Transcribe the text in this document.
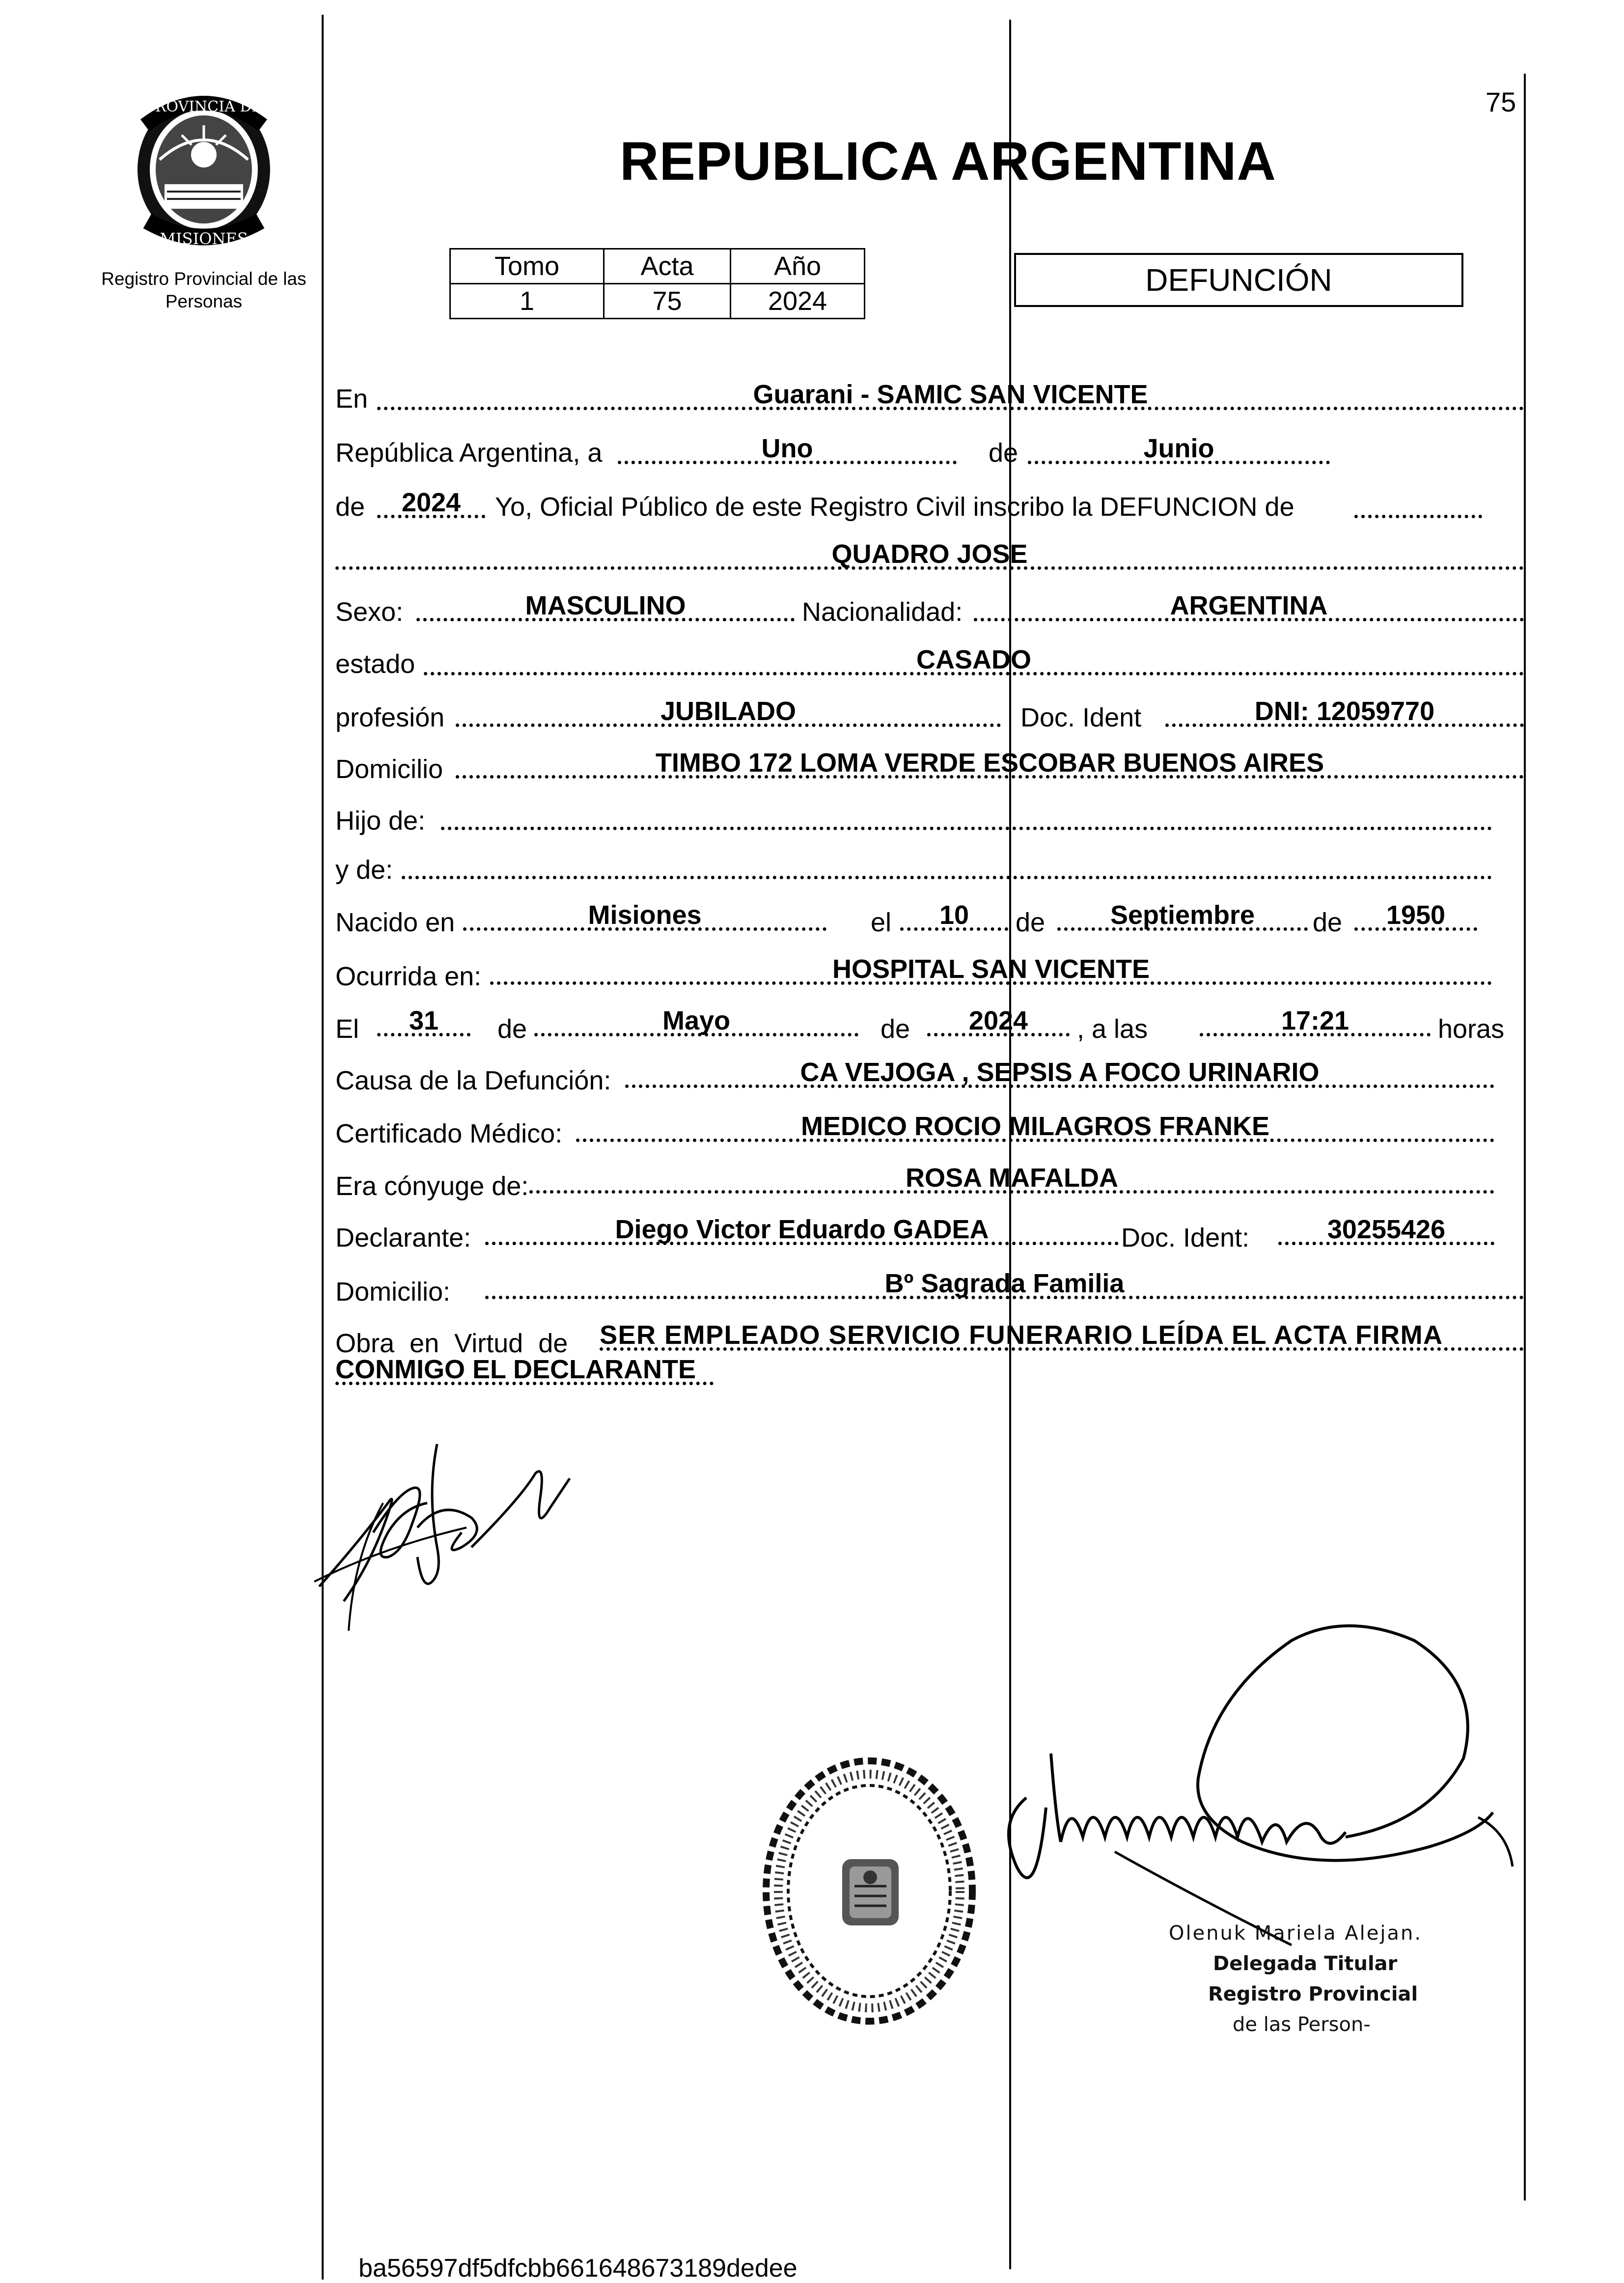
75
PROVINCIA DE
MISIONES
Registro Provincial de las Personas
REPUBLICA ARGENTINA
Tomo	Acta	Año
1	75	2024
DEFUNCIÓN
En	Guarani - SAMIC SAN VICENTE
República Argentina, a	Uno	de	Junio
de	2024	Yo, Oficial Público de este Registro Civil inscribo la DEFUNCION de
QUADRO JOSE
Sexo:	MASCULINO	Nacionalidad:	ARGENTINA
estado	CASADO
profesión	JUBILADO	Doc. Ident	DNI: 12059770
Domicilio	TIMBO 172 LOMA VERDE ESCOBAR BUENOS AIRES
Hijo de:
y de:
Nacido en	Misiones	el	10	de	Septiembre	de	1950
Ocurrida en:	HOSPITAL SAN VICENTE
El	31	de	Mayo	de	2024	, a las	17:21	horas
Causa de la Defunción:	CA VEJOGA , SEPSIS A FOCO URINARIO
Certificado Médico:	MEDICO ROCIO MILAGROS FRANKE
Era cónyuge de:	ROSA MAFALDA
Declarante:	Diego Victor Eduardo GADEA	Doc. Ident:	30255426
Domicilio:	Bº Sagrada Familia
Obra en Virtud de SER EMPLEADO SERVICIO FUNERARIO LEÍDA EL ACTA FIRMA
CONMIGO EL DECLARANTE
Olenuk Mariela Alejan.
Delegada Titular
Registro Provincial
de las Person-
ba56597df5dfcbb661648673189dedee
